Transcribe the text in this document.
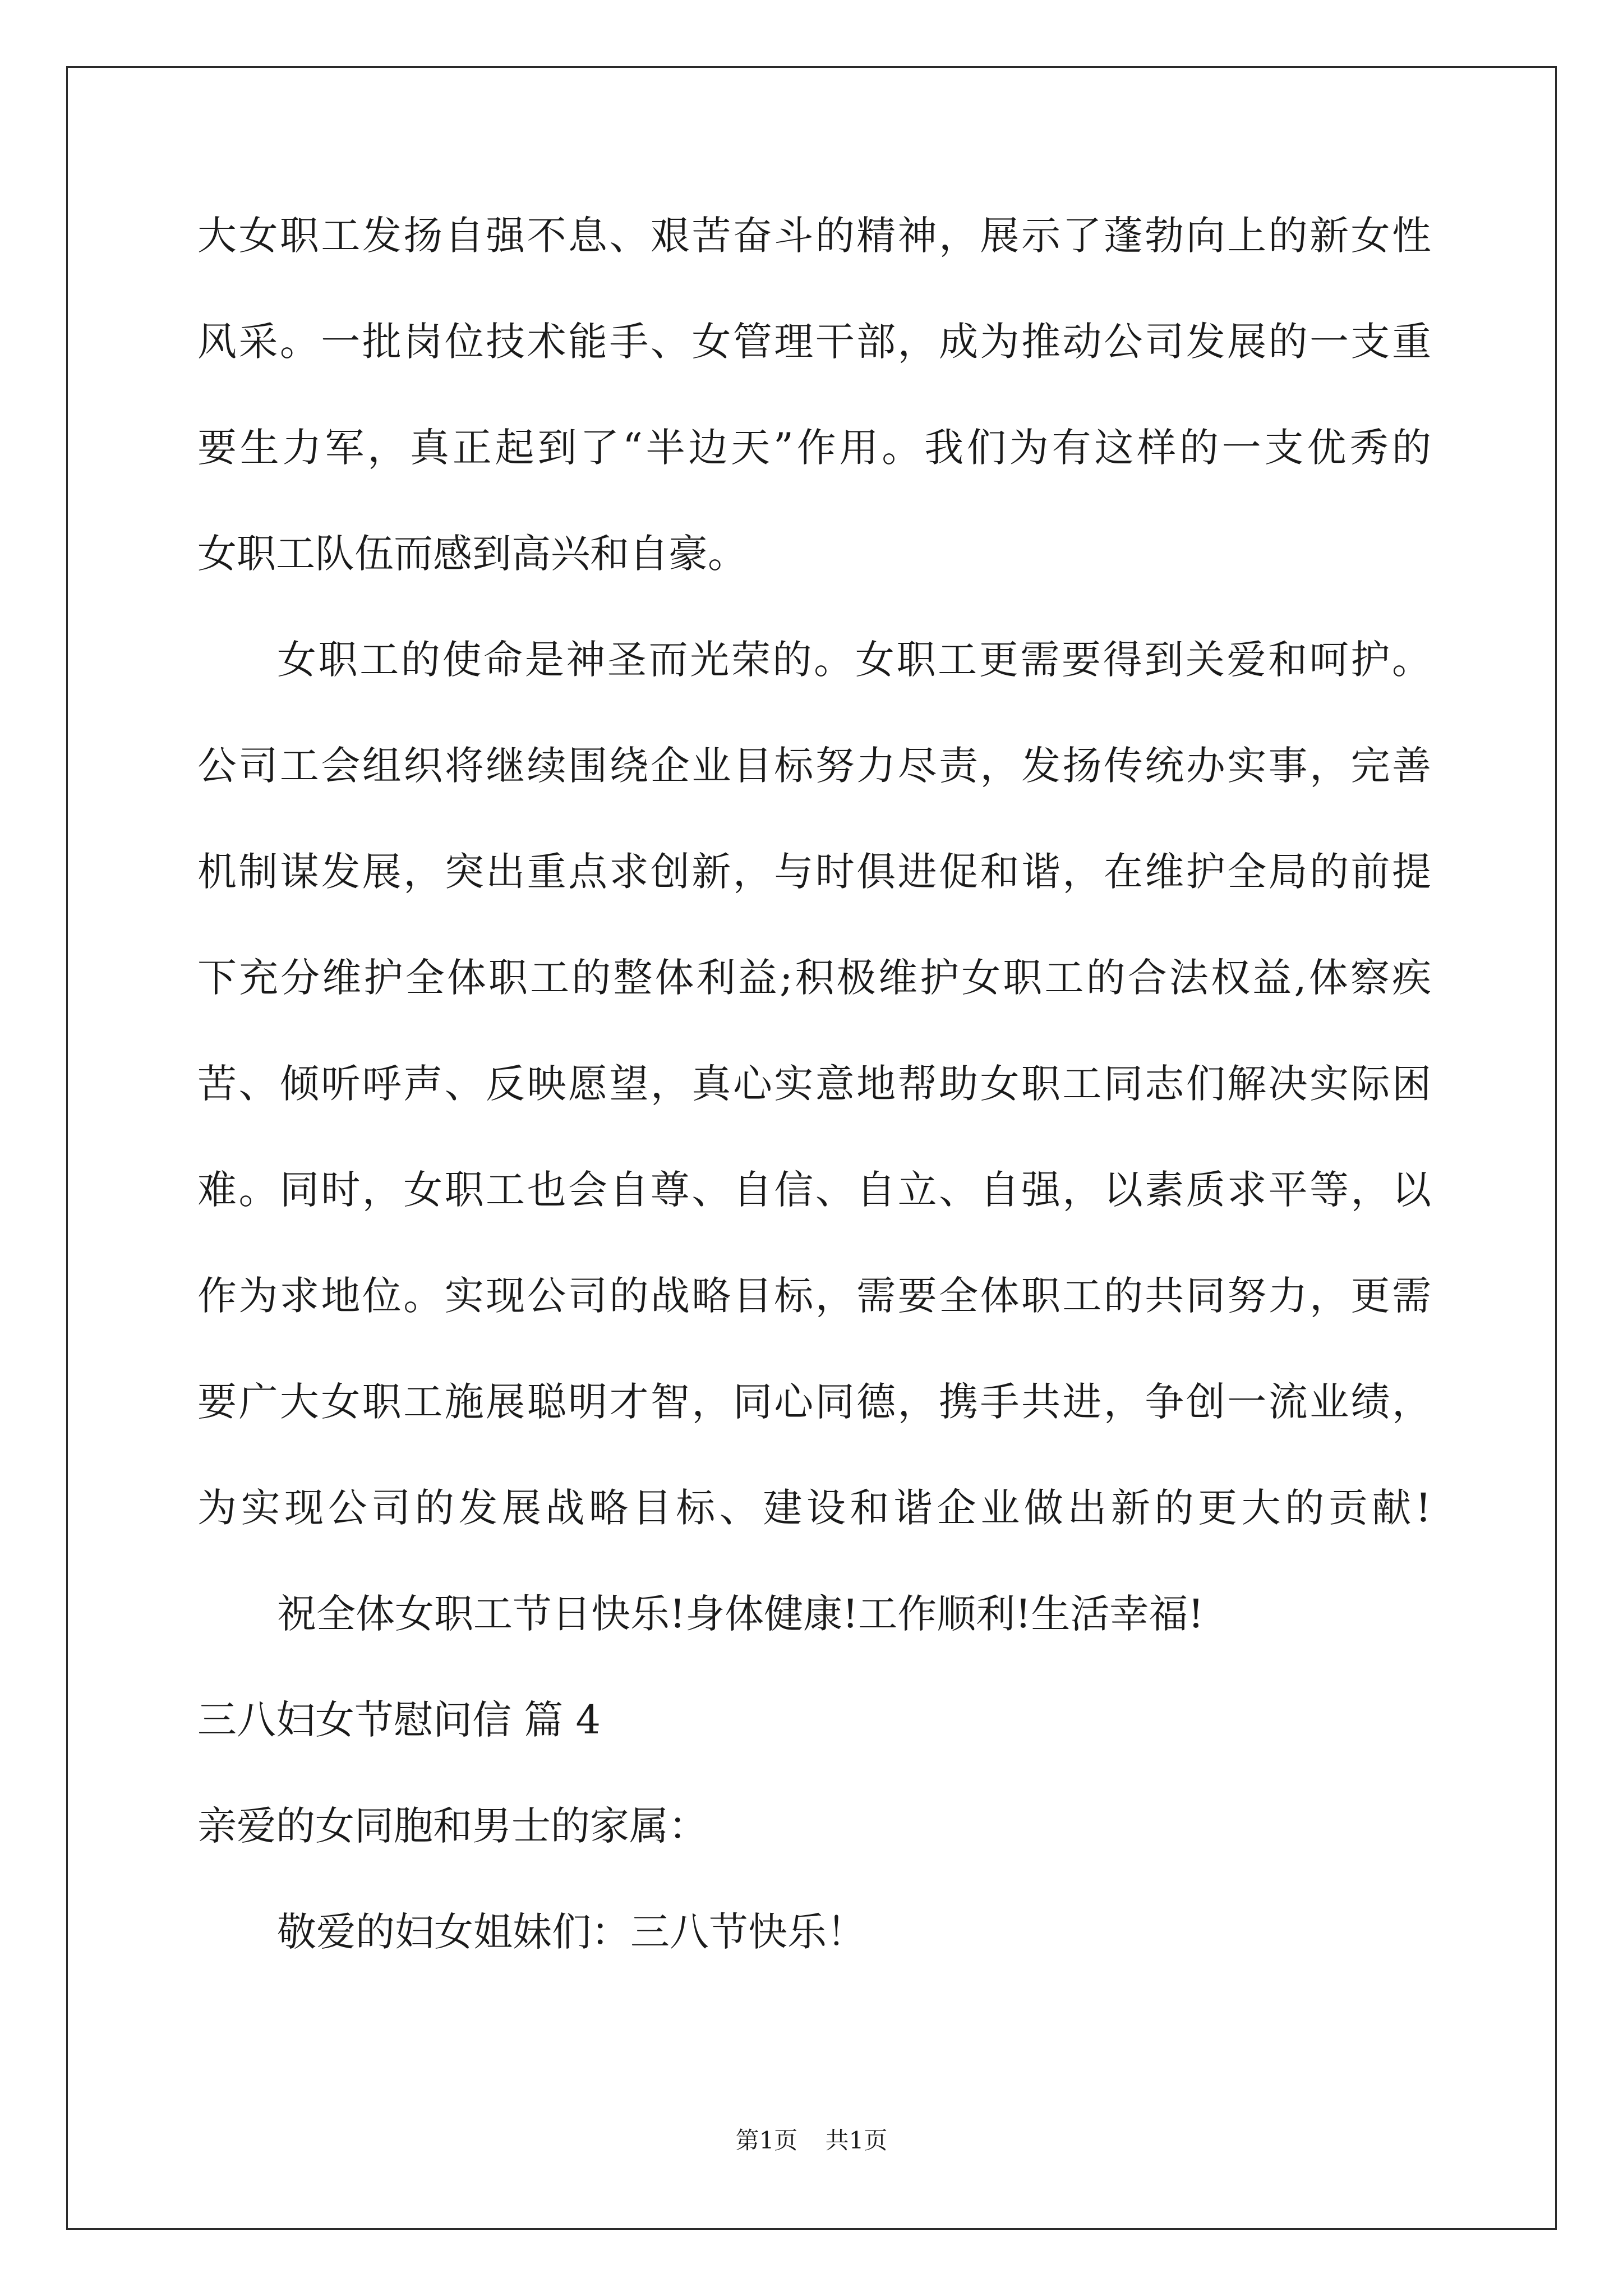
大女职工发扬自强不息、艰苦奋斗的精神，展示了蓬勃向上的新女性
风采。一批岗位技术能手、女管理干部，成为推动公司发展的一支重
要生力军，真正起到了“半边天”作用。我们为有这样的一支优秀的
女职工队伍而感到高兴和自豪。
女职工的使命是神圣而光荣的。女职工更需要得到关爱和呵护。
公司工会组织将继续围绕企业目标努力尽责，发扬传统办实事，完善
机制谋发展，突出重点求创新，与时俱进促和谐，在维护全局的前提
下充分维护全体职工的整体利益;积极维护女职工的合法权益,体察疾
苦、倾听呼声、反映愿望，真心实意地帮助女职工同志们解决实际困
难。同时，女职工也会自尊、自信、自立、自强，以素质求平等，以
作为求地位。实现公司的战略目标，需要全体职工的共同努力，更需
要广大女职工施展聪明才智，同心同德，携手共进，争创一流业绩，
为实现公司的发展战略目标、建设和谐企业做出新的更大的贡献!
祝全体女职工节日快乐!身体健康!工作顺利!生活幸福!
三八妇女节慰问信 篇 4
亲爱的女同胞和男士的家属：
敬爱的妇女姐妹们：三八节快乐！
第1页 共1页
